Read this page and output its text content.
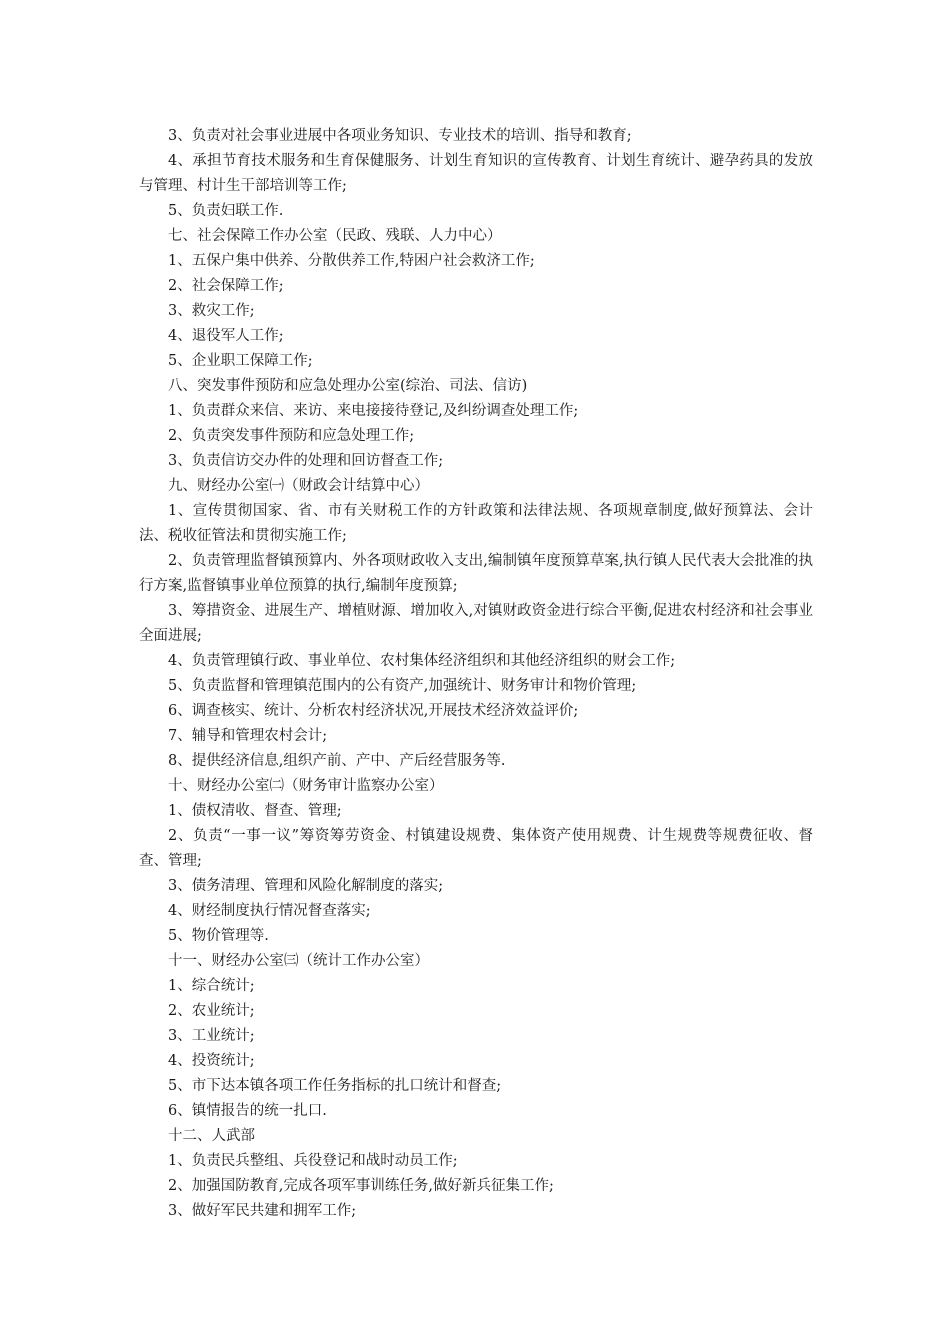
3、负责对社会事业进展中各项业务知识、专业技术的培训、指导和教育;

4、承担节育技术服务和生育保健服务、计划生育知识的宣传教育、计划生育统计、避孕药具的发放与管理、村计生干部培训等工作;

5、负责妇联工作.

七、社会保障工作办公室（民政、残联、人力中心）

1、五保户集中供养、分散供养工作,特困户社会救济工作;

2、社会保障工作;

3、救灾工作;

4、退役军人工作;

5、企业职工保障工作;

八、突发事件预防和应急处理办公室(综治、司法、信访)

1、负责群众来信、来访、来电接接待登记,及纠纷调查处理工作;

2、负责突发事件预防和应急处理工作;

3、负责信访交办件的处理和回访督查工作;

九、财经办公室㈠（财政会计结算中心）

1、宣传贯彻国家、省、市有关财税工作的方针政策和法律法规、各项规章制度,做好预算法、会计法、税收征管法和贯彻实施工作;

2、负责管理监督镇预算内、外各项财政收入支出,编制镇年度预算草案,执行镇人民代表大会批准的执行方案,监督镇事业单位预算的执行,编制年度预算;

3、筹措资金、进展生产、增植财源、增加收入,对镇财政资金进行综合平衡,促进农村经济和社会事业全面进展;

4、负责管理镇行政、事业单位、农村集体经济组织和其他经济组织的财会工作;

5、负责监督和管理镇范围内的公有资产,加强统计、财务审计和物价管理;

6、调查核实、统计、分析农村经济状况,开展技术经济效益评价;

7、辅导和管理农村会计;

8、提供经济信息,组织产前、产中、产后经营服务等.

十、财经办公室㈡（财务审计监察办公室）

1、债权清收、督查、管理;

2、负责“一事一议”筹资筹劳资金、村镇建设规费、集体资产使用规费、计生规费等规费征收、督查、管理;

3、债务清理、管理和风险化解制度的落实;

4、财经制度执行情况督查落实;

5、物价管理等.

十一、财经办公室㈢（统计工作办公室）

1、综合统计;

2、农业统计;

3、工业统计;

4、投资统计;

5、市下达本镇各项工作任务指标的扎口统计和督查;

6、镇情报告的统一扎口.

十二、人武部

1、负责民兵整组、兵役登记和战时动员工作;

2、加强国防教育,完成各项军事训练任务,做好新兵征集工作;

3、做好军民共建和拥军工作;
